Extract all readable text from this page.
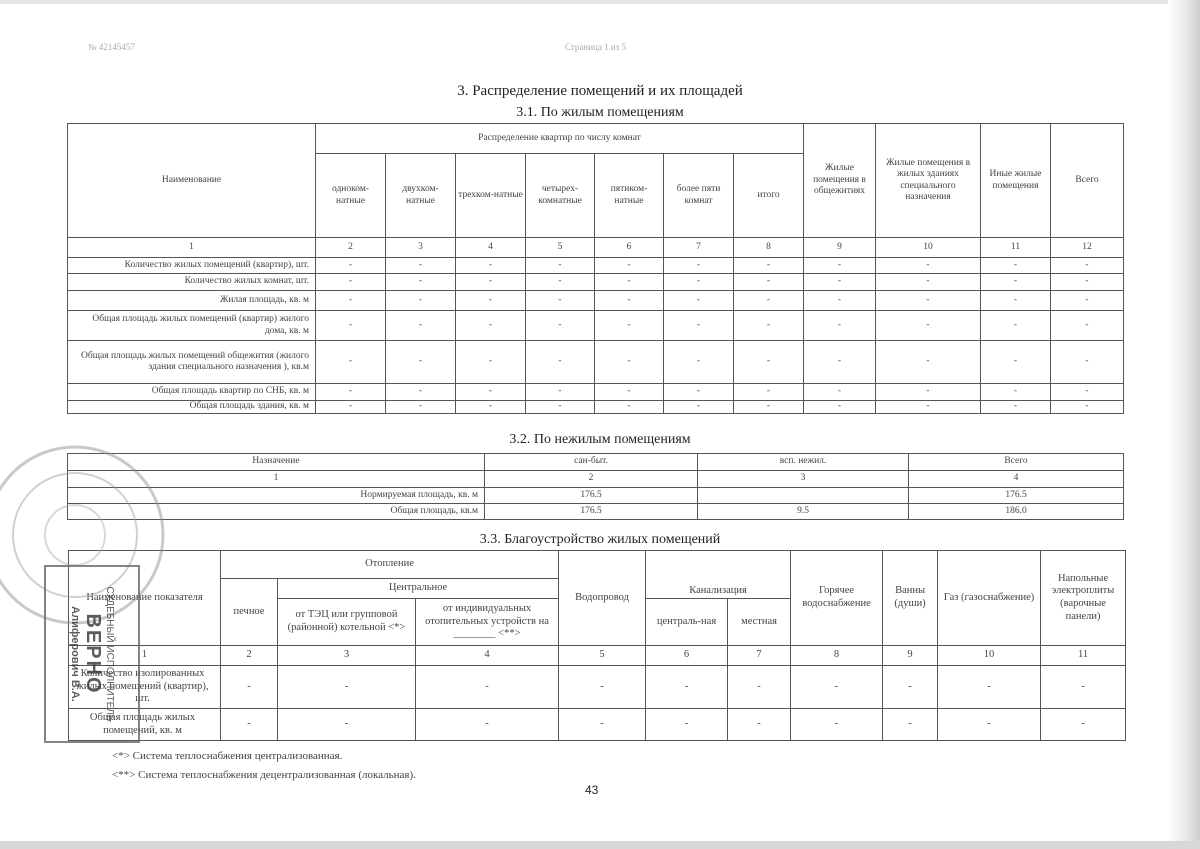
№ 42145457	Страница 1 из 5
3. Распределение помещений и их площадей
3.1. По жилым помещениям
Наименование	Распределение квартир по числу комнат							Жилые помещения в общежитиях	Жилые помещения в жилых зданиях специального назначения	Иные жилые помещения	Всего
	одноком-натные	двухком-натные	трехком-натные	четырех-комнатные	пятиком-натные	более пяти комнат	итого				
1	2	3	4	5	6	7	8	9	10	11	12
Количество жилых помещений (квартир), шт.	-	-	-	-	-	-	-	-	-	-	-
Количество жилых комнат, шт.	-	-	-	-	-	-	-	-	-	-	-
Жилая площадь, кв. м	-	-	-	-	-	-	-	-	-	-	-
Общая площадь жилых помещений (квартир) жилого дома, кв. м	-	-	-	-	-	-	-	-	-	-	-
Общая площадь жилых помещений общежития (жилого здания специального назначения ), кв.м	-	-	-	-	-	-	-	-	-	-	-
Общая площадь квартир по СНБ, кв. м	-	-	-	-	-	-	-	-	-	-	-
Общая площадь здания, кв. м	-	-	-	-	-	-	-	-	-	-	-
3.2. По нежилым помещениям
Назначение	сан-быт.	всп. нежил.	Всего
1	2	3	4
Нормируемая площадь, кв. м	176.5		176.5
Общая площадь, кв.м	176.5	9.5	186.0
3.3. Благоустройство жилых помещений
Наименование показателя	Отопление			Водопровод	Канализация		Горячее водоснабжение	Ванны (души)	Газ (газоснабжение)	Напольные электроплиты (варочные панели)
	печное	Центральное								
		от ТЭЦ или групповой (районной) котельной <*>	от индивидуальных отопительных устройств на ________ <**>		централь-ная	местная				
1	2	3	4	5	6	7	8	9	10	11
Количество изолированных жилых помещений (квартир), шт.	-	-	-	-	-	-	-	-	-	-
Общая площадь жилых помещений, кв. м	-	-	-	-	-	-	-	-	-	-
<*> Система теплоснабжения централизованная.
<**> Система теплоснабжения децентрализованная (локальная).
43
СУДЕБНЫЙ ИСПОЛНИТЕЛЬ
ВЕРНО
Алиферович В.А.
